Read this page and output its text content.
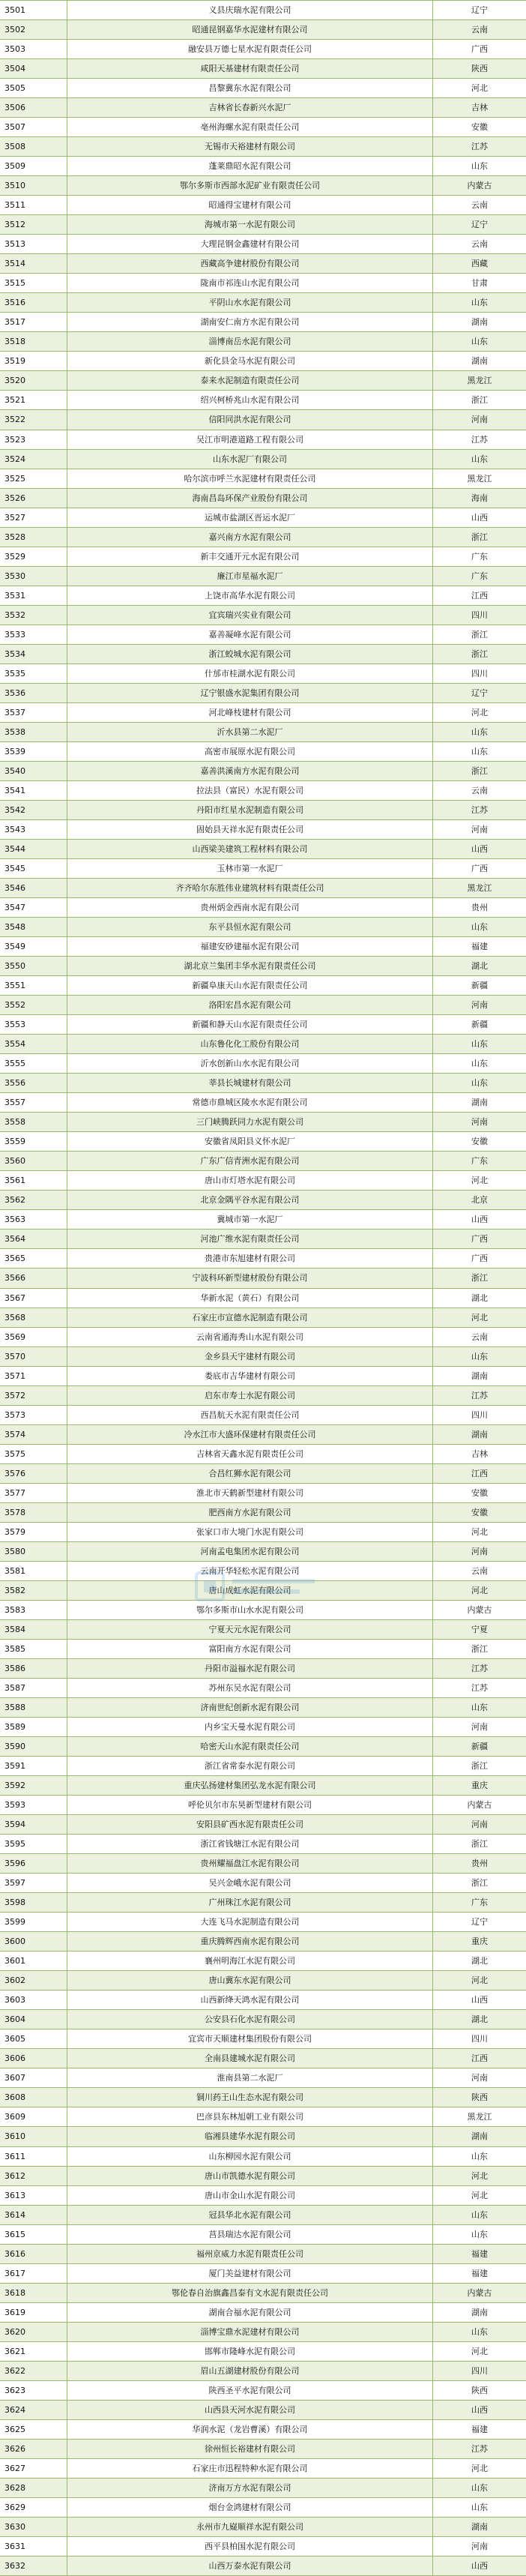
3501	义县庆瑞水泥有限公司	辽宁
3502	昭通昆钢嘉华水泥建材有限公司	云南
3503	融安县万德七星水泥有限责任公司	广西
3504	咸阳天基建材有限责任公司	陕西
3505	昌黎冀东水泥有限公司	河北
3506	吉林省长春新兴水泥厂	吉林
3507	亳州海螺水泥有限责任公司	安徽
3508	无锡市天裕建材有限公司	江苏
3509	蓬莱鼎昭水泥有限公司	山东
3510	鄂尔多斯市西部水泥矿业有限责任公司	内蒙古
3511	昭通得宝建材有限公司	云南
3512	海城市第一水泥有限公司	辽宁
3513	大理昆钢金鑫建材有限公司	云南
3514	西藏高争建材股份有限公司	西藏
3515	陇南市祁连山水泥有限公司	甘肃
3516	平阴山水水泥有限公司	山东
3517	湖南安仁南方水泥有限公司	湖南
3518	淄博南岳水泥有限公司	山东
3519	新化县金马水泥有限公司	湖南
3520	泰来水泥制造有限责任公司	黑龙江
3521	绍兴柯桥兆山水泥有限公司	浙江
3522	信阳同洪水泥有限公司	河南
3523	吴江市明港道路工程有限公司	江苏
3524	山东水泥厂有限公司	山东
3525	哈尔滨市呼兰水泥建材有限责任公司	黑龙江
3526	海南昌岛环保产业股份有限公司	海南
3527	运城市盐湖区晋运水泥厂	山西
3528	嘉兴南方水泥有限公司	浙江
3529	新丰交通开元水泥有限公司	广东
3530	廉江市星福水泥厂	广东
3531	上饶市高华水泥有限公司	江西
3532	宜宾瑞兴实业有限公司	四川
3533	嘉善凝峰水泥有限公司	浙江
3534	浙江蛟城水泥有限公司	浙江
3535	什邡市桂湖水泥有限公司	四川
3536	辽宁银盛水泥集团有限公司	辽宁
3537	河北峰枝建材有限公司	河北
3538	沂水县第二水泥厂	山东
3539	高密市展原水泥有限公司	山东
3540	嘉善洪溪南方水泥有限公司	浙江
3541	拉法县（富民）水泥有限公司	云南
3542	丹阳市红星水泥制造有限公司	江苏
3543	固始县天祥水泥有限责任公司	河南
3544	山西梁美建筑工程材料有限公司	山西
3545	玉林市第一水泥厂	广西
3546	齐齐哈尔东胜伟业建筑材料有限责任公司	黑龙江
3547	贵州炳金西南水泥有限公司	贵州
3548	东平县恒水泥有限公司	山东
3549	福建安砂建福水泥有限公司	福建
3550	湖北京兰集团丰华水泥有限责任公司	湖北
3551	新疆阜康天山水泥有限责任公司	新疆
3552	洛阳宏昌水泥有限公司	河南
3553	新疆和静天山水泥有限责任公司	新疆
3554	山东鲁化化工股份有限公司	山东
3555	沂水创新山水水泥有限公司	山东
3556	莘县长城建材有限公司	山东
3557	常德市鼎城区陵水水泥有限公司	湖南
3558	三门峡腾跃同力水泥有限公司	河南
3559	安徽省凤阳县义怀水泥厂	安徽
3560	广东广信青洲水泥有限公司	广东
3561	唐山市灯塔水泥有限公司	河北
3562	北京金隅平谷水泥有限公司	北京
3563	冀城市第一水泥厂	山西
3564	河池广维水泥有限责任公司	广西
3565	贵港市东旭建材有限公司	广西
3566	宁波科环新型建材股份有限公司	浙江
3567	华新水泥（黄石）有限公司	湖北
3568	石家庄市宣德水泥制造有限公司	河北
3569	云南省通海秀山水泥有限公司	云南
3570	金乡县天宇建材有限公司	山东
3571	娄底市吉华建材有限公司	湖南
3572	启东市寿士水泥有限公司	江苏
3573	西昌航天水泥有限责任公司	四川
3574	冷水江市大盛环保建材有限责任公司	湖南
3575	吉林省天鑫水泥有限责任公司	吉林
3576	合昌红狮水泥有限公司	江西
3577	淮北市天鹤新型建材有限公司	安徽
3578	肥西南方水泥有限公司	安徽
3579	张家口市大境门水泥有限公司	河北
3580	河南孟电集团水泥有限公司	河南
3581	云南开华轻松水泥有限公司	云南
3582	唐山成虹水泥有限公司	河北
3583	鄂尔多斯市山水水泥有限公司	内蒙古
3584	宁夏天元水泥有限公司	宁夏
3585	富阳南方水泥有限公司	浙江
3586	丹阳市溢福水泥有限公司	江苏
3587	苏州东吴水泥有限公司	江苏
3588	济南世纪创新水泥有限公司	山东
3589	内乡宝天曼水泥有限公司	河南
3590	哈密天山水泥有限责任公司	新疆
3591	浙江省常泰水泥有限公司	浙江
3592	重庆弘扬建材集团弘龙水泥有限公司	重庆
3593	呼伦贝尔市东昊新型建材有限公司	内蒙古
3594	安阳县矿西水泥有限责任公司	河南
3595	浙江省钱塘江水泥有限公司	浙江
3596	贵州耀福盘江水泥有限公司	贵州
3597	吴兴金峨水泥有限公司	浙江
3598	广州珠江水泥有限公司	广东
3599	大连飞马水泥制造有限公司	辽宁
3600	重庆腾辉西南水泥有限公司	重庆
3601	襄州明海江水泥有限公司	湖北
3602	唐山冀东水泥有限公司	河北
3603	山西新绛天鸿水泥有限公司	山西
3604	公安县石化水泥有限公司	湖北
3605	宜宾市天顺建材集团股份有限公司	四川
3606	全南县建城水泥有限公司	江西
3607	淮南县第二水泥厂	河南
3608	铜川药王山生态水泥有限公司	陕西
3609	巴彦县东林旭朝工业有限公司	黑龙江
3610	临湘县建华水泥有限公司	湖南
3611	山东柳园水泥有限公司	山东
3612	唐山市凯德水泥有限公司	河北
3613	唐山市金山水泥有限公司	河北
3614	冠县华北水泥有限公司	山东
3615	莒县瑞达水泥有限公司	山东
3616	福州京威力水泥有限责任公司	福建
3617	厦门美益建材有限公司	福建
3618	鄂伦春自治旗鑫昌泰有文水泥有限责任公司	内蒙古
3619	湖南合福水泥有限公司	湖南
3620	淄博宝鼎水泥建材有限公司	山东
3621	邯郸市隆峰水泥有限公司	河北
3622	眉山五湖建材股份有限公司	四川
3623	陕西圣平水泥有限公司	陕西
3624	山西县天河水泥有限公司	山西
3625	华润水泥（龙岩曹溪）有限公司	福建
3626	徐州恒长裕建材有限公司	江苏
3627	石家庄市迅程特种水泥有限公司	河北
3628	济南万方水泥有限公司	山东
3629	烟台金鸿建材有限公司	山东
3630	永州市九嶷顺祥水泥有限公司	湖南
3631	西平县柏国水泥有限公司	河南
3632	山西万泰水泥有限公司	山西
